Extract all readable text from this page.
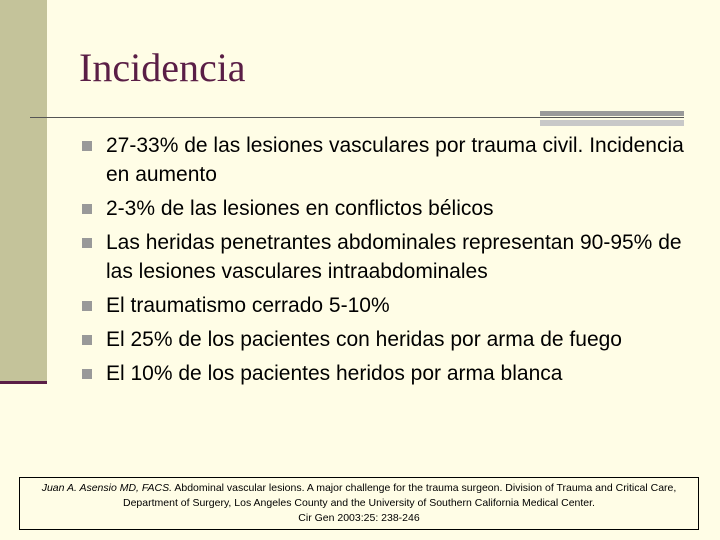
Incidencia
27-33% de las lesiones vasculares por trauma civil. Incidencia en aumento
2-3% de las lesiones en conflictos bélicos
Las heridas penetrantes abdominales representan 90-95% de las lesiones vasculares intraabdominales
El traumatismo cerrado 5-10%
El 25% de los pacientes con heridas por arma de fuego
El 10% de los pacientes heridos por arma blanca
Juan A. Asensio MD, FACS. Abdominal vascular lesions. A major challenge for the trauma surgeon. Division of Trauma and Critical Care, Department of Surgery, Los Angeles County and the University of Southern California Medical Center.
Cir Gen 2003:25: 238-246
